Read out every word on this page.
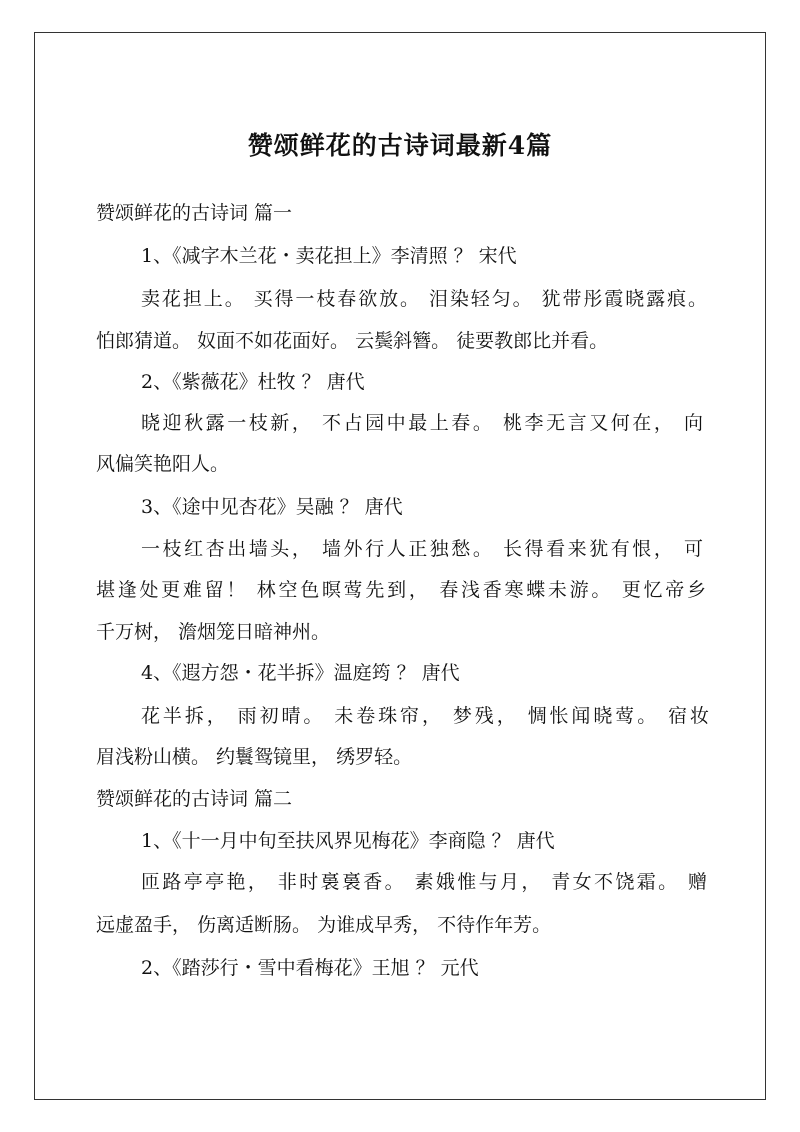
赞颂鲜花的古诗词最新4篇

赞颂鲜花的古诗词 篇一

1、《减字木兰花・卖花担上》李清照 ？ 宋代

卖花担上。 买得一枝春欲放。 泪染轻匀。 犹带彤霞晓露痕。

怕郎猜道。 奴面不如花面好。 云鬓斜簪。 徒要教郎比并看。

2、《紫薇花》杜牧 ？ 唐代

晓迎秋露一枝新， 不占园中最上春。 桃李无言又何在， 向

风偏笑艳阳人。

3、《途中见杏花》吴融 ？ 唐代

一枝红杏出墙头， 墙外行人正独愁。 长得看来犹有恨， 可

堪逢处更难留！ 林空色暝莺先到， 春浅香寒蝶未游。 更忆帝乡

千万树， 澹烟笼日暗神州。

4、《遐方怨・花半拆》温庭筠 ？ 唐代

花半拆， 雨初晴。 未卷珠帘， 梦残， 惆怅闻晓莺。 宿妆

眉浅粉山横。 约鬟鸳镜里， 绣罗轻。

赞颂鲜花的古诗词 篇二

1、《十一月中旬至扶风界见梅花》李商隐 ？ 唐代

匝路亭亭艳， 非时裛裛香。 素娥惟与月， 青女不饶霜。 赠

远虚盈手， 伤离适断肠。 为谁成早秀， 不待作年芳。

2、《踏莎行・雪中看梅花》王旭 ？ 元代
